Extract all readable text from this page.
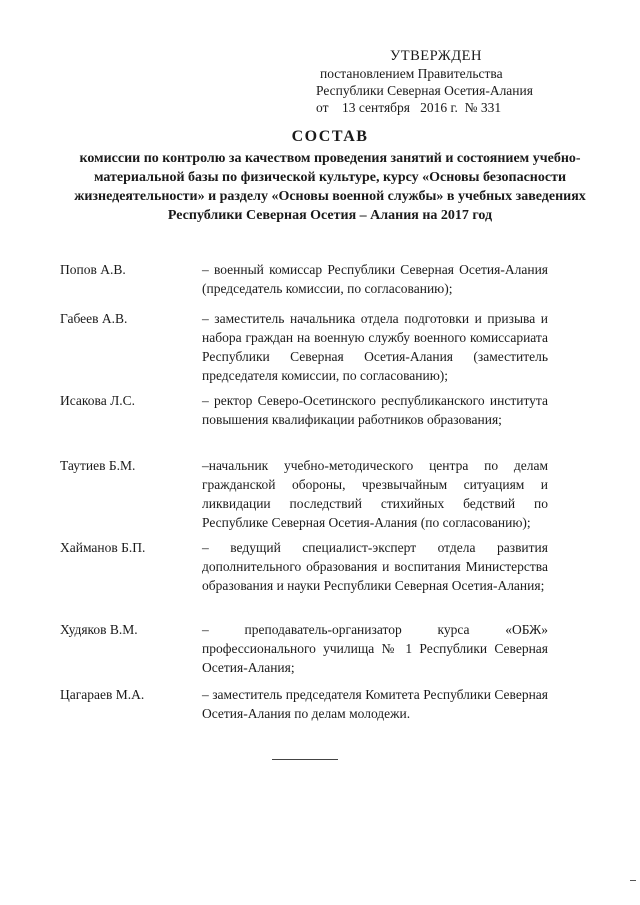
УТВЕРЖДЕН
постановлением Правительства
Республики Северная Осетия-Алания
от    13 сентября   2016 г.  № 331
СОСТАВ
комиссии по контролю за качеством проведения занятий и состоянием учебно-материальной базы по физической культуре, курсу «Основы безопасности жизнедеятельности» и разделу «Основы военной службы» в учебных заведениях Республики Северная Осетия – Алания на 2017 год
Попов А.В.	– военный комиссар Республики Северная Осетия-Алания (председатель комиссии, по согласованию);
Габеев А.В.	– заместитель начальника отдела подготовки и призыва и набора граждан на военную службу военного комиссариата Республики Северная Осетия-Алания (заместитель председателя комиссии, по согласованию);
Исакова Л.С.	– ректор Северо-Осетинского республиканского института повышения квалификации работников образования;
Таутиев Б.М.	–начальник учебно-методического центра по делам гражданской обороны, чрезвычайным ситуациям и ликвидации последствий стихийных бедствий по Республике Северная Осетия-Алания (по согласованию);
Хайманов Б.П.	– ведущий специалист-эксперт отдела развития дополнительного образования и воспитания Министерства образования и науки Республики Северная Осетия-Алания;
Худяков В.М.	– преподаватель-организатор курса «ОБЖ» профессионального училища № 1 Республики Северная Осетия-Алания;
Цагараев М.А.	– заместитель председателя Комитета Республики Северная Осетия-Алания по делам молодежи.
